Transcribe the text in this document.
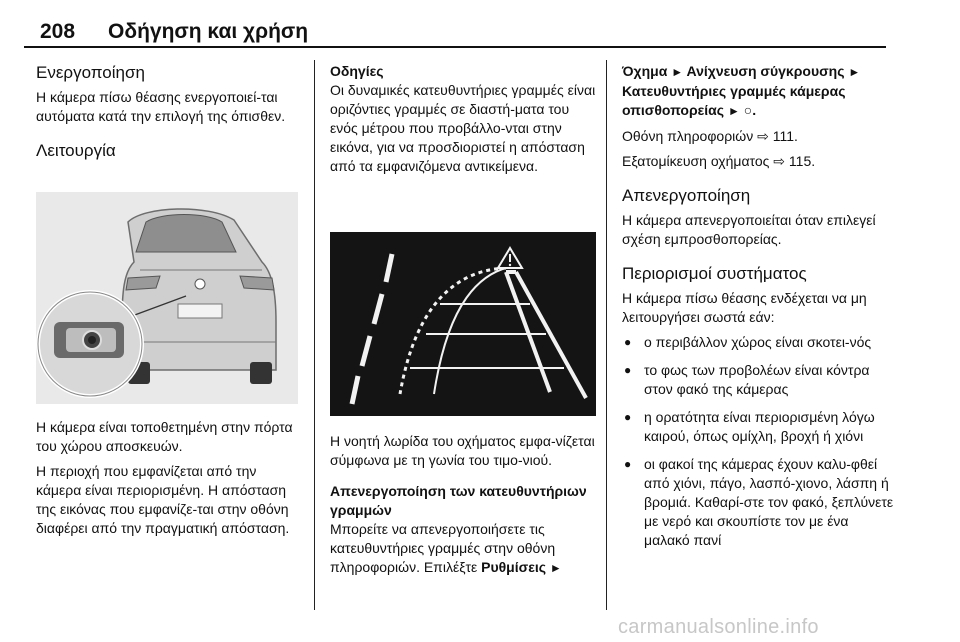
208 Οδήγηση και χρήση
Ενεργοποίηση

Η κάμερα πίσω θέασης ενεργοποιεί-ται αυτόματα κατά την επιλογή της όπισθεν.

Λειτουργία

Η κάμερα είναι τοποθετημένη στην πόρτα του χώρου αποσκευών.

Η περιοχή που εμφανίζεται από την κάμερα είναι περιορισμένη. Η απόσταση της εικόνας που εμφανίζε-ται στην οθόνη διαφέρει από την πραγματική απόσταση.

Οδηγίες

Οι δυναμικές κατευθυντήριες γραμμές είναι οριζόντιες γραμμές σε διαστή-ματα του ενός μέτρου που προβάλλο-νται στην εικόνα, για να προσδιοριστεί η απόσταση από τα εμφανιζόμενα αντικείμενα.

Η νοητή λωρίδα του οχήματος εμφα-νίζεται σύμφωνα με τη γωνία του τιμο-νιού.

Απενεργοποίηση των κατευθυντήριων γραμμών

Μπορείτε να απενεργοποιήσετε τις κατευθυντήριες γραμμές στην οθόνη πληροφοριών. Επιλέξτε Ρυθμίσεις ►

Όχημα ► Ανίχνευση σύγκρουσης ► Κατευθυντήριες γραμμές κάμερας οπισθοπορείας ► ○.

Οθόνη πληροφοριών ⇨ 111.

Εξατομίκευση οχήματος ⇨ 115.

Απενεργοποίηση

Η κάμερα απενεργοποιείται όταν επιλεγεί σχέση εμπροσθοπορείας.

Περιορισμοί συστήματος

Η κάμερα πίσω θέασης ενδέχεται να μη λειτουργήσει σωστά εάν:

● ο περιβάλλον χώρος είναι σκοτει-νός
● το φως των προβολέων είναι κόντρα στον φακό της κάμερας
● η ορατότητα είναι περιορισμένη λόγω καιρού, όπως ομίχλη, βροχή ή χιόνι
● οι φακοί της κάμερας έχουν καλυ-φθεί από χιόνι, πάγο, λασπό-χιονο, λάσπη ή βρομιά. Καθαρί-στε τον φακό, ξεπλύνετε με νερό και σκουπίστε τον με ένα μαλακό πανί
carmanualsonline.info
